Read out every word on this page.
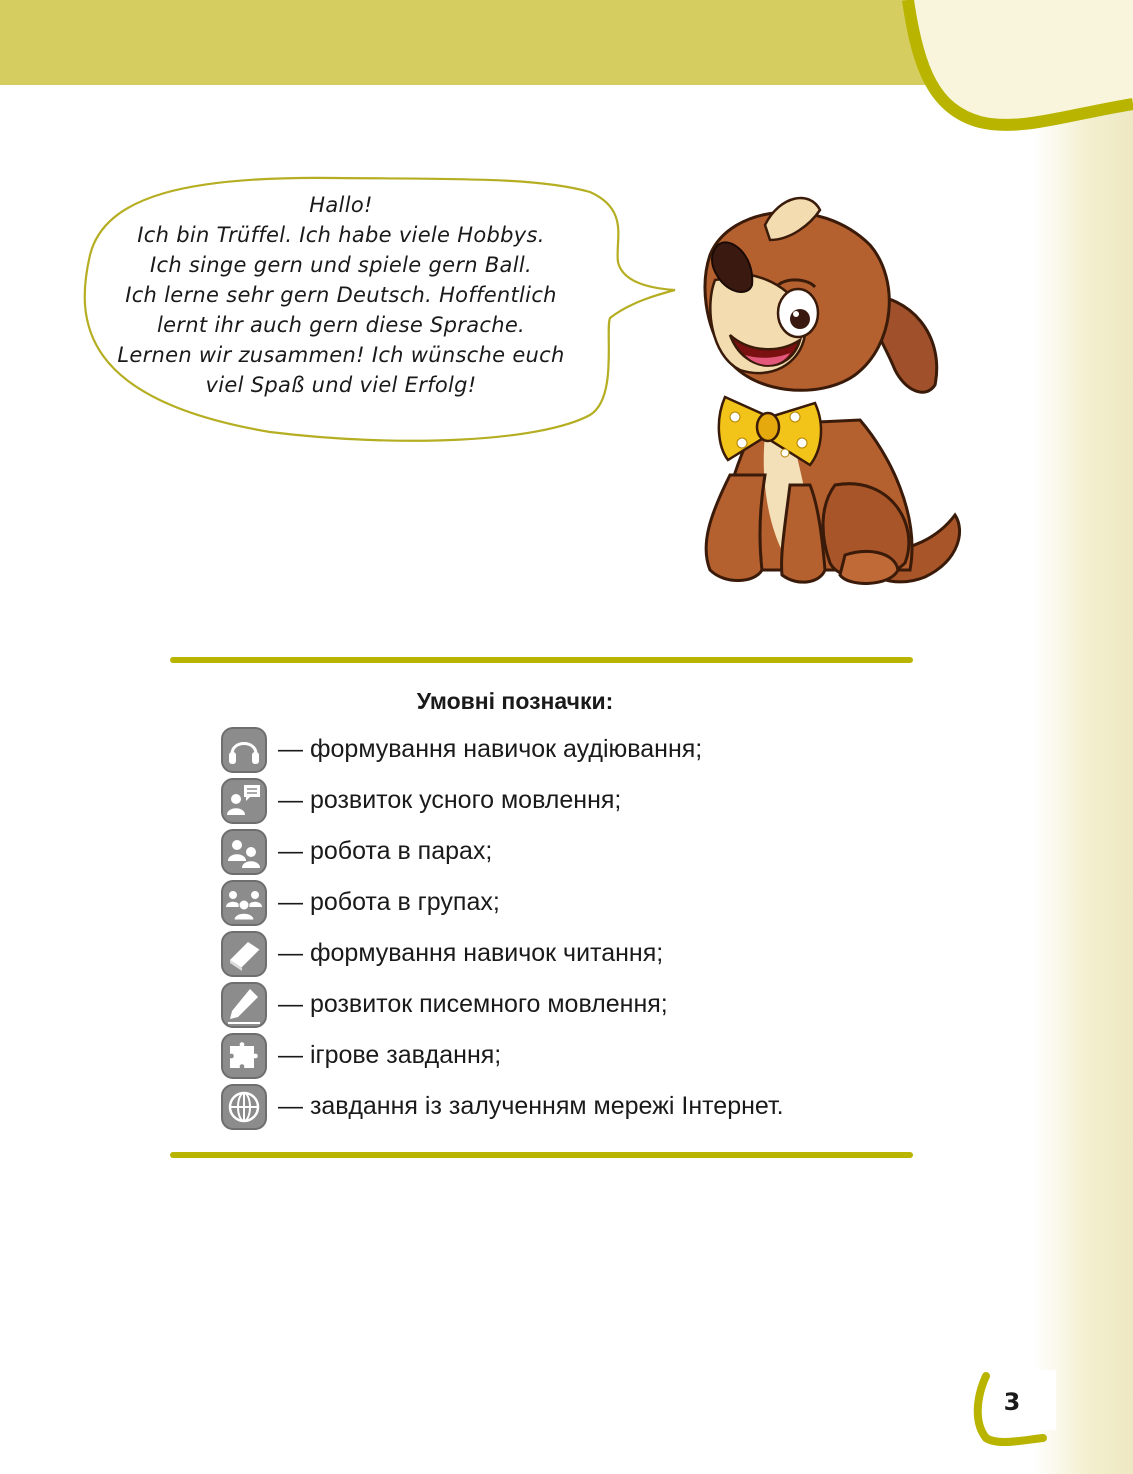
Hallo!
Ich bin Trüffel. Ich habe viele Hobbys.
Ich singe gern und spiele gern Ball.
Ich lerne sehr gern Deutsch. Hoffentlich
lernt ihr auch gern diese Sprache.
Lernen wir zusammen! Ich wünsche euch
viel Spaß und viel Erfolg!
Умовні позначки:
— формування навичок аудіювання;
— розвиток усного мовлення;
— робота в парах;
— робота в групах;
— формування навичок читання;
— розвиток писемного мовлення;
— ігрове завдання;
— завдання із залученням мережі Інтернет.
3
